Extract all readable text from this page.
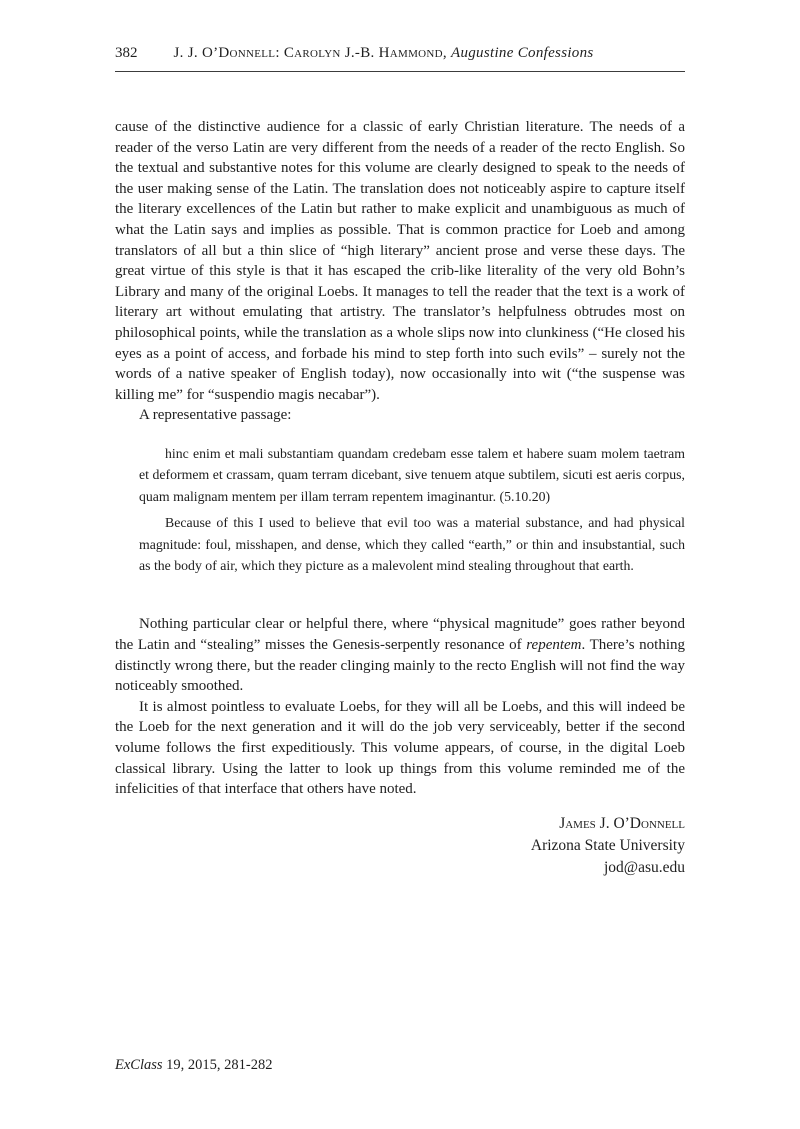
382 J. J. O’Donnell: Carolyn J.-B. Hammond, Augustine Confessions

cause of the distinctive audience for a classic of early Christian literature. The needs of a reader of the verso Latin are very different from the needs of a reader of the recto English. So the textual and substantive notes for this volume are clearly designed to speak to the needs of the user making sense of the Latin. The translation does not noticeably aspire to capture itself the literary excellences of the Latin but rather to make explicit and unambiguous as much of what the Latin says and implies as possible. That is common practice for Loeb and among translators of all but a thin slice of “high literary” ancient prose and verse these days. The great virtue of this style is that it has escaped the crib-like literality of the very old Bohn’s Library and many of the original Loebs. It manages to tell the reader that the text is a work of literary art without emulating that artistry. The translator’s helpfulness obtrudes most on philosophical points, while the translation as a whole slips now into clunkiness (“He closed his eyes as a point of access, and forbade his mind to step forth into such evils” – surely not the words of a native speaker of English today), now occasionally into wit (“the suspense was killing me” for “suspendio magis necabar”).

A representative passage:

hinc enim et mali substantiam quandam credebam esse talem et habere suam molem taetram et deformem et crassam, quam terram dicebant, sive tenuem atque subtilem, sicuti est aeris corpus, quam malignam mentem per illam terram repentem imaginantur. (5.10.20)
Because of this I used to believe that evil too was a material substance, and had physical magnitude: foul, misshapen, and dense, which they called “earth,” or thin and insubstantial, such as the body of air, which they picture as a malevolent mind stealing throughout that earth.

Nothing particular clear or helpful there, where “physical magnitude” goes rather beyond the Latin and “stealing” misses the Genesis-serpently resonance of repentem. There’s nothing distinctly wrong there, but the reader clinging mainly to the recto English will not find the way noticeably smoothed.

It is almost pointless to evaluate Loebs, for they will all be Loebs, and this will indeed be the Loeb for the next generation and it will do the job very serviceably, better if the second volume follows the first expeditiously. This volume appears, of course, in the digital Loeb classical library. Using the latter to look up things from this volume reminded me of the infelicities of that interface that others have noted.

James J. O’Donnell
Arizona State University
jod@asu.edu
ExClass 19, 2015, 281-282
